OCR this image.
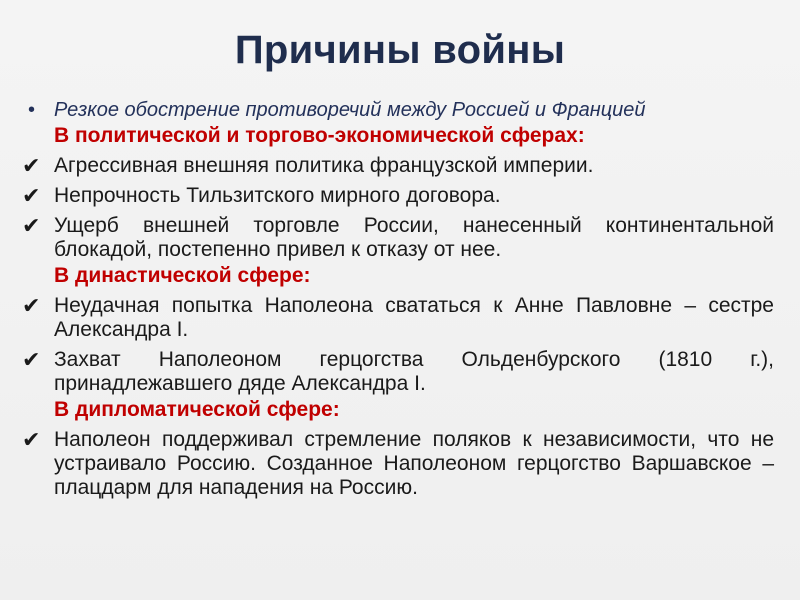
Причины войны
• Резкое обострение противоречий между Россией и Францией
В политической и торгово-экономической сферах:
✔ Агрессивная внешняя политика французской империи.
✔ Непрочность Тильзитского мирного договора.
✔ Ущерб внешней торговле России, нанесенный континентальной блокадой, постепенно привел к отказу от нее.
В династической сфере:
✔ Неудачная попытка Наполеона свататься к Анне Павловне – сестре Александра I.
✔ Захват Наполеоном герцогства Ольденбурского (1810 г.), принадлежавшего дяде Александра I.
В дипломатической сфере:
✔ Наполеон поддерживал стремление поляков к независимости, что не устраивало Россию. Созданное Наполеоном герцогство Варшавское – плацдарм для нападения на Россию.
